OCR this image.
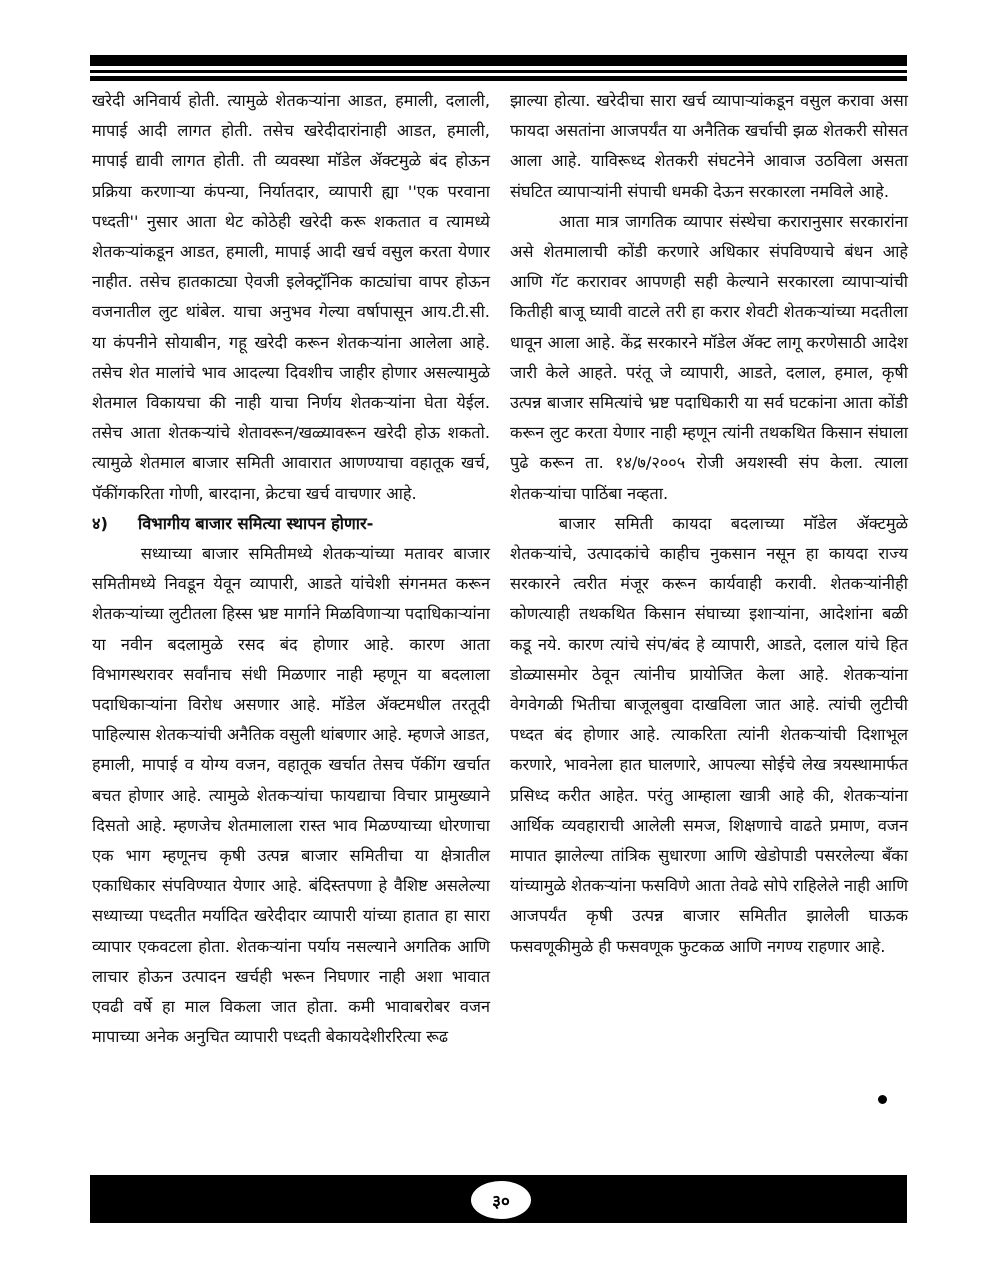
खरेदी अनिवार्य होती. त्यामुळे शेतकऱ्यांना आडत, हमाली, दलाली, मापाई आदी लागत होती. तसेच खरेदीदारांनाही आडत, हमाली, मापाई द्यावी लागत होती. ती व्यवस्था मॉडेल ॲक्टमुळे बंद होऊन प्रक्रिया करणाऱ्या कंपन्या, निर्यातदार, व्यापारी ह्या ''एक परवाना पध्दती'' नुसार आता थेट कोठेही खरेदी करू शकतात व त्यामध्ये शेतकऱ्यांकडून आडत, हमाली, मापाई आदी खर्च वसुल करता येणार नाहीत. तसेच हातकाट्या ऐवजी इलेक्ट्रॉनिक काट्यांचा वापर होऊन वजनातील लुट थांबेल. याचा अनुभव गेल्या वर्षापासून आय.टी.सी. या कंपनीने सोयाबीन, गहू खरेदी करून शेतकऱ्यांना आलेला आहे. तसेच शेत मालांचे भाव आदल्या दिवशीच जाहीर होणार असल्यामुळे शेतमाल विकायचा की नाही याचा निर्णय शेतकऱ्यांना घेता येईल. तसेच आता शेतकऱ्यांचे शेतावरून/खळ्यावरून खरेदी होऊ शकतो. त्यामुळे शेतमाल बाजार समिती आवारात आणण्याचा वहातूक खर्च, पॅकींगकरिता गोणी, बारदाना, क्रेटचा खर्च वाचणार आहे.

४) विभागीय बाजार समित्या स्थापन होणार-

सध्याच्या बाजार समितीमध्ये शेतकऱ्यांच्या मतावर बाजार समितीमध्ये निवडून येवून व्यापारी, आडते यांचेशी संगनमत करून शेतकऱ्यांच्या लुटीतला हिस्स भ्रष्ट मार्गाने मिळविणाऱ्या पदाधिकाऱ्यांना या नवीन बदलामुळे रसद बंद होणार आहे. कारण आता विभागस्थरावर सर्वांनाच संधी मिळणार नाही म्हणून या बदलाला पदाधिकाऱ्यांना विरोध असणार आहे. मॉडेल ॲक्टमधील तरतूदी पाहिल्यास शेतकऱ्यांची अनैतिक वसुली थांबणार आहे. म्हणजे आडत, हमाली, मापाई व योग्य वजन, वहातूक खर्चात तेसच पॅकींग खर्चात बचत होणार आहे. त्यामुळे शेतकऱ्यांचा फायद्याचा विचार प्रामुख्याने दिसतो आहे. म्हणजेच शेतमालाला रास्त भाव मिळण्याच्या धोरणाचा एक भाग म्हणूनच कृषी उत्पन्न बाजार समितीचा या क्षेत्रातील एकाधिकार संपविण्यात येणार आहे. बंदिस्तपणा हे वैशिष्ट असलेल्या सध्याच्या पध्दतीत मर्यादित खरेदीदार व्यापारी यांच्या हातात हा सारा व्यापार एकवटला होता. शेतकऱ्यांना पर्याय नसल्याने अगतिक आणि लाचार होऊन उत्पादन खर्चही भरून निघणार नाही अशा भावात एवढी वर्षे हा माल विकला जात होता. कमी भावाबरोबर वजन मापाच्या अनेक अनुचित व्यापारी पध्दती बेकायदेशीररित्या रूढ

झाल्या होत्या. खरेदीचा सारा खर्च व्यापाऱ्यांकडून वसुल करावा असा फायदा असतांना आजपर्यंत या अनैतिक खर्चाची झळ शेतकरी सोसत आला आहे. याविरूध्द शेतकरी संघटनेने आवाज उठविला असता संघटित व्यापाऱ्यांनी संपाची धमकी देऊन सरकारला नमविले आहे.

आता मात्र जागतिक व्यापार संस्थेचा करारानुसार सरकारांना असे शेतमालाची कोंडी करणारे अधिकार संपविण्याचे बंधन आहे आणि गॅट करारावर आपणही सही केल्याने सरकारला व्यापाऱ्यांची कितीही बाजू घ्यावी वाटले तरी हा करार शेवटी शेतकऱ्यांच्या मदतीला धावून आला आहे. केंद्र सरकारने मॉडेल ॲक्ट लागू करणेसाठी आदेश जारी केले आहते. परंतू जे व्यापारी, आडते, दलाल, हमाल, कृषी उत्पन्न बाजार समित्यांचे भ्रष्ट पदाधिकारी या सर्व घटकांना आता कोंडी करून लुट करता येणार नाही म्हणून त्यांनी तथकथित किसान संघाला पुढे करून ता. १४/७/२००५ रोजी अयशस्वी संप केला. त्याला शेतकऱ्यांचा पाठिंबा नव्हता.

बाजार समिती कायदा बदलाच्या मॉडेल ॲक्टमुळे शेतकऱ्यांचे, उत्पादकांचे काहीच नुकसान नसून हा कायदा राज्य सरकारने त्वरीत मंजूर करून कार्यवाही करावी. शेतकऱ्यांनीही कोणत्याही तथकथित किसान संघाच्या इशाऱ्यांना, आदेशांना बळी कडू नये. कारण त्यांचे संप/बंद हे व्यापारी, आडते, दलाल यांचे हित डोळ्यासमोर ठेवून त्यांनीच प्रायोजित केला आहे. शेतकऱ्यांना वेगवेगळी भितीचा बाजूलबुवा दाखविला जात आहे. त्यांची लुटीची पध्दत बंद होणार आहे. त्याकरिता त्यांनी शेतकऱ्यांची दिशाभूल करणारे, भावनेला हात घालणारे, आपल्या सोईचे लेख त्रयस्थामार्फत प्रसिध्द करीत आहेत. परंतु आम्हाला खात्री आहे की, शेतकऱ्यांना आर्थिक व्यवहाराची आलेली समज, शिक्षणाचे वाढते प्रमाण, वजन मापात झालेल्या तांत्रिक सुधारणा आणि खेडोपाडी पसरलेल्या बँका यांच्यामुळे शेतकऱ्यांना फसविणे आता तेवढे सोपे राहिलेले नाही आणि आजपर्यंत कृषी उत्पन्न बाजार समितीत झालेली घाऊक फसवणूकीमुळे ही फसवणूक फुटकळ आणि नगण्य राहणार आहे.

३०
